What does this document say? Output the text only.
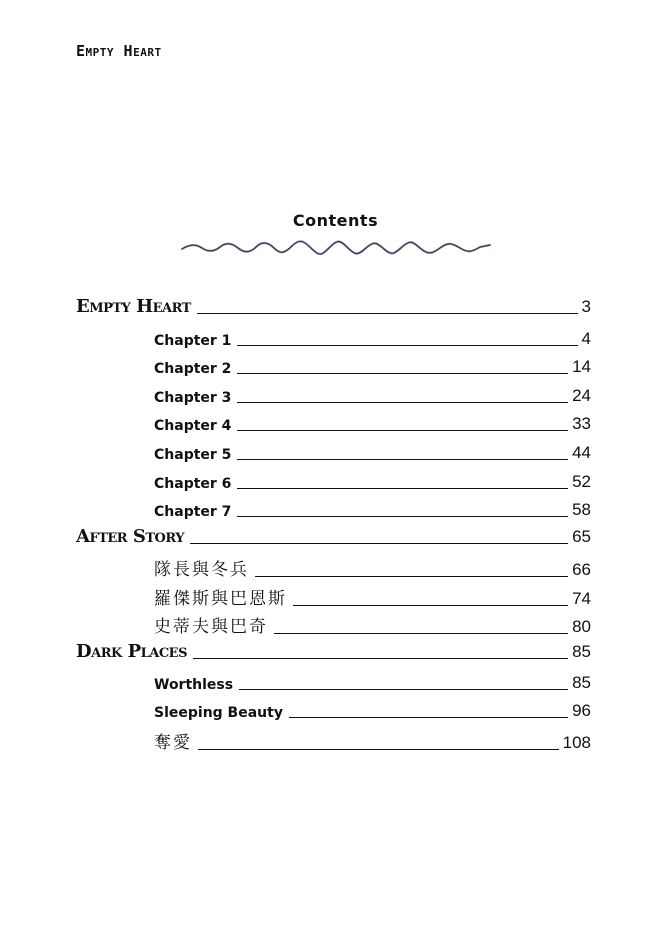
Empty Heart
Contents
Empty Heart	3
Chapter 1	4
Chapter 2	14
Chapter 3	24
Chapter 4	33
Chapter 5	44
Chapter 6	52
Chapter 7	58
After Story	65
隊長與冬兵	66
羅傑斯與巴恩斯	74
史蒂夫與巴奇	80
Dark Places	85
Worthless	85
Sleeping Beauty	96
奪愛	108
